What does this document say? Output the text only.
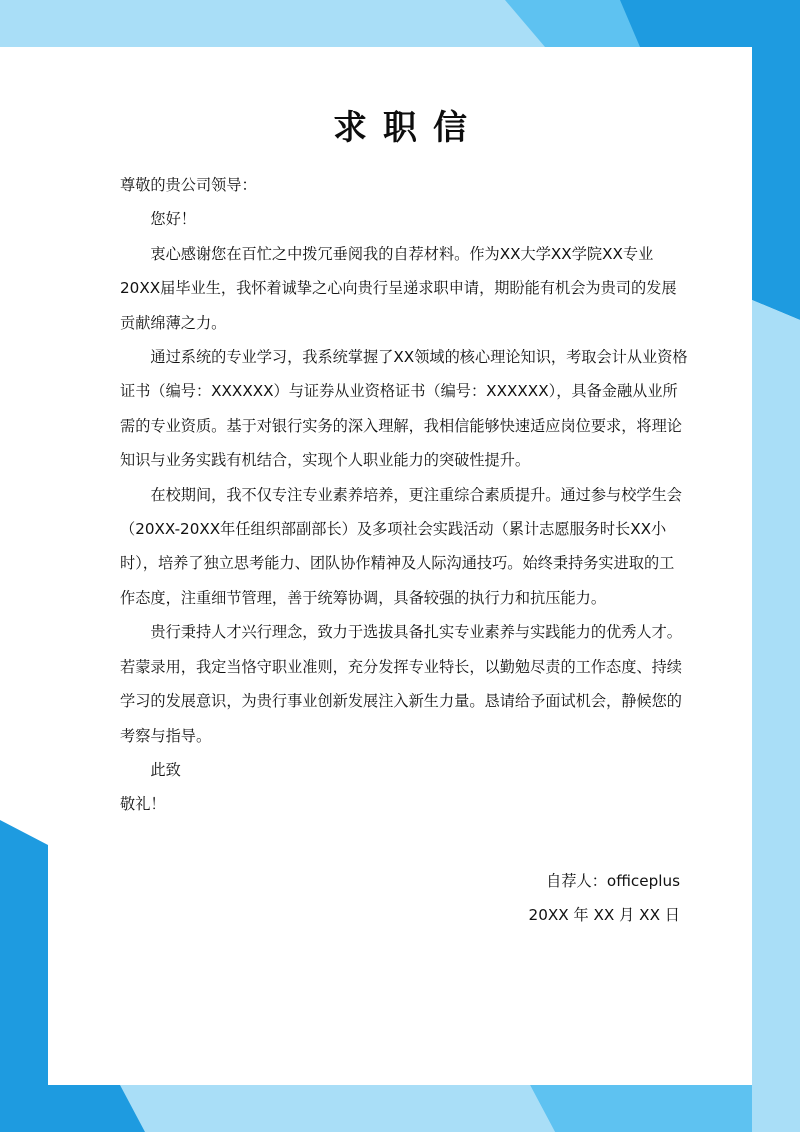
求职信

尊敬的贵公司领导：

您好！

衷心感谢您在百忙之中拨冗垂阅我的自荐材料。作为XX大学XX学院XX专业20XX届毕业生，我怀着诚挚之心向贵行呈递求职申请，期盼能有机会为贵司的发展贡献绵薄之力。

通过系统的专业学习，我系统掌握了XX领域的核心理论知识，考取会计从业资格证书（编号：XXXXXX）与证券从业资格证书（编号：XXXXXX），具备金融从业所需的专业资质。基于对银行实务的深入理解，我相信能够快速适应岗位要求，将理论知识与业务实践有机结合，实现个人职业能力的突破性提升。

在校期间，我不仅专注专业素养培养，更注重综合素质提升。通过参与校学生会（20XX-20XX年任组织部副部长）及多项社会实践活动（累计志愿服务时长XX小时），培养了独立思考能力、团队协作精神及人际沟通技巧。始终秉持务实进取的工作态度，注重细节管理，善于统筹协调，具备较强的执行力和抗压能力。

贵行秉持人才兴行理念，致力于选拔具备扎实专业素养与实践能力的优秀人才。若蒙录用，我定当恪守职业准则，充分发挥专业特长，以勤勉尽责的工作态度、持续学习的发展意识，为贵行事业创新发展注入新生力量。恳请给予面试机会，静候您的考察与指导。

此致

敬礼！

自荐人：officeplus

20XX 年 XX 月 XX 日
